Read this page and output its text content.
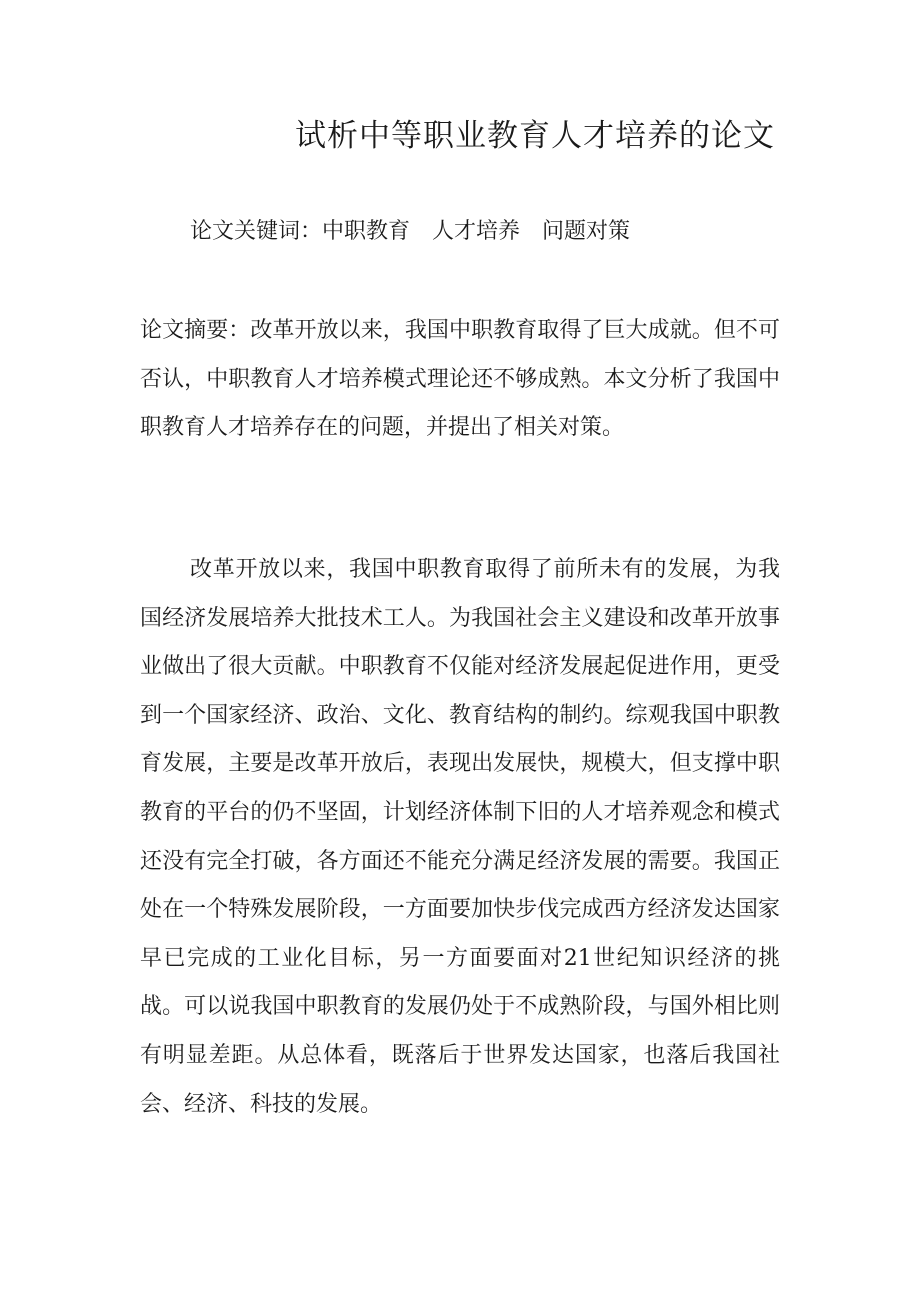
试析中等职业教育人才培养的论文

论文关键词：中职教育　人才培养　问题对策

论文摘要：改革开放以来，我国中职教育取得了巨大成就。但不可否认，中职教育人才培养模式理论还不够成熟。本文分析了我国中职教育人才培养存在的问题，并提出了相关对策。

改革开放以来，我国中职教育取得了前所未有的发展，为我国经济发展培养大批技术工人。为我国社会主义建设和改革开放事业做出了很大贡献。中职教育不仅能对经济发展起促进作用，更受到一个国家经济、政治、文化、教育结构的制约。综观我国中职教育发展，主要是改革开放后，表现出发展快，规模大，但支撑中职教育的平台的仍不坚固，计划经济体制下旧的人才培养观念和模式还没有完全打破，各方面还不能充分满足经济发展的需要。我国正处在一个特殊发展阶段，一方面要加快步伐完成西方经济发达国家早已完成的工业化目标，另一方面要面对21世纪知识经济的挑战。可以说我国中职教育的发展仍处于不成熟阶段，与国外相比则有明显差距。从总体看，既落后于世界发达国家，也落后我国社会、经济、科技的发展。
